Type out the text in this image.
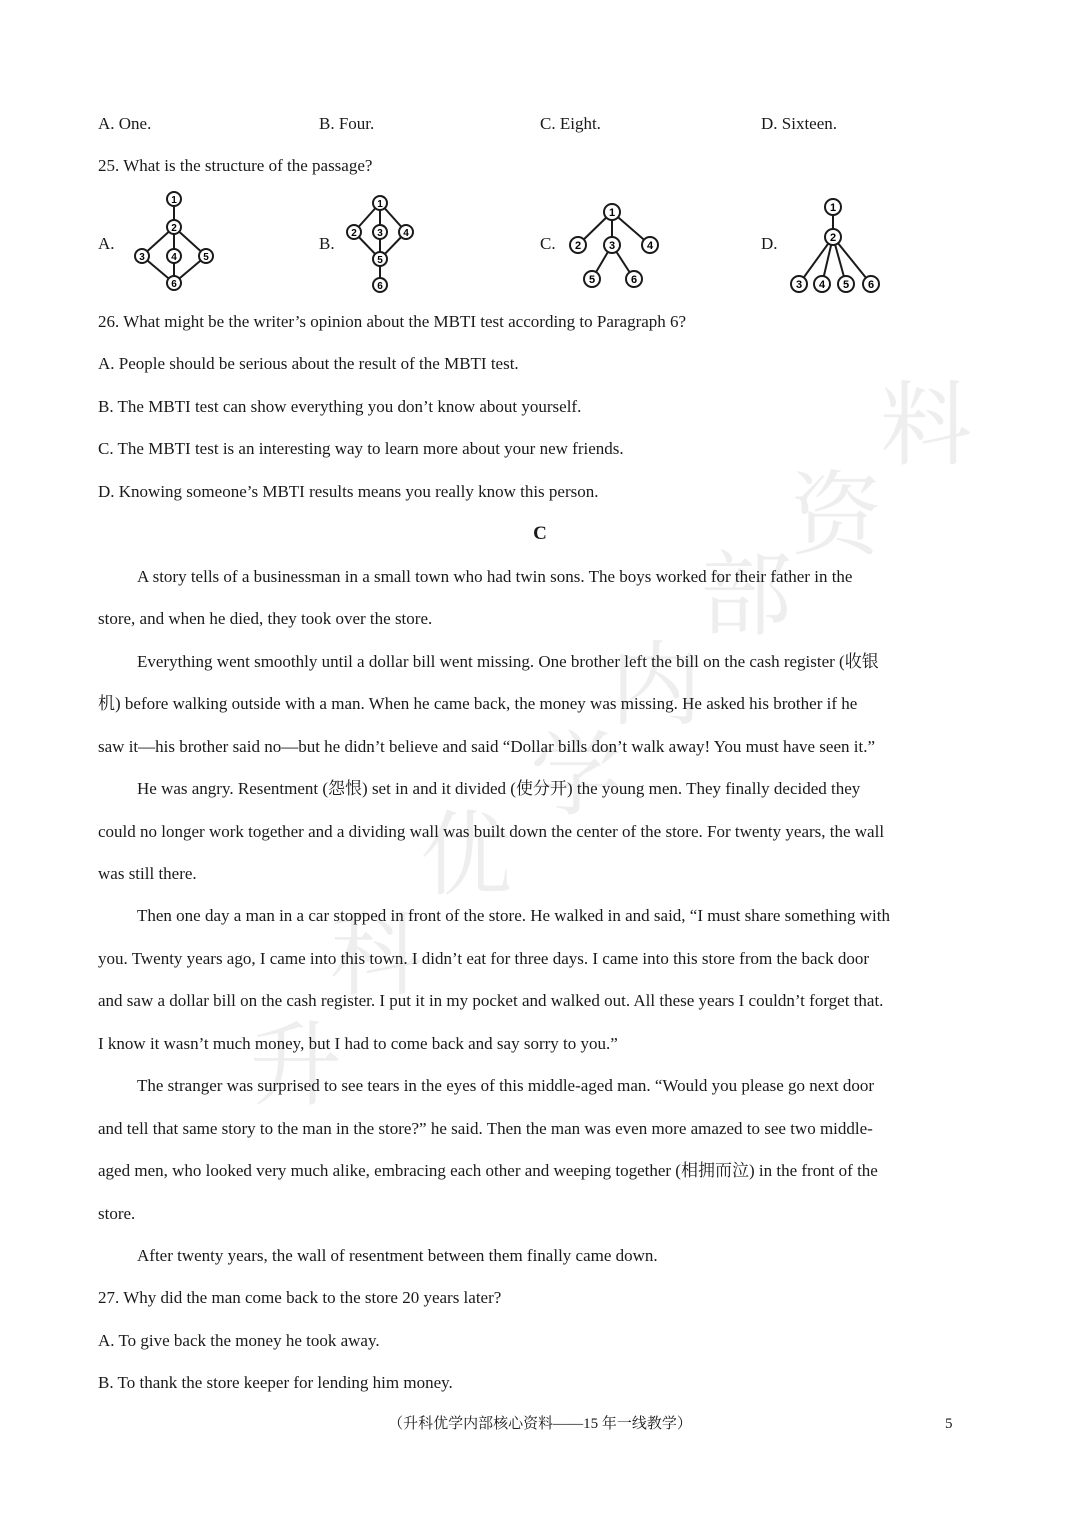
升
科
优
学
内
部
资
料
A. One.	B. Four.	C. Eight.	D. Sixteen.
25. What is the structure of the passage?
A.	B.	C.	D.
1
2
3	4	5
6
1
2 3 4
5
6
1
2	3	4
5	6
1
2
3 4 5 6
26. What might be the writer’s opinion about the MBTI test according to Paragraph 6?
A. People should be serious about the result of the MBTI test.
B. The MBTI test can show everything you don’t know about yourself.
C. The MBTI test is an interesting way to learn more about your new friends.
D. Knowing someone’s MBTI results means you really know this person.
C
A story tells of a businessman in a small town who had twin sons. The boys worked for their father in the
store, and when he died, they took over the store.
Everything went smoothly until a dollar bill went missing. One brother left the bill on the cash register (收银
机) before walking outside with a man. When he came back, the money was missing. He asked his brother if he
saw it—his brother said no—but he didn’t believe and said “Dollar bills don’t walk away! You must have seen it.”
He was angry. Resentment (怨恨) set in and it divided (使分开) the young men. They finally decided they
could no longer work together and a dividing wall was built down the center of the store. For twenty years, the wall
was still there.
Then one day a man in a car stopped in front of the store. He walked in and said, “I must share something with
you. Twenty years ago, I came into this town. I didn’t eat for three days. I came into this store from the back door
and saw a dollar bill on the cash register. I put it in my pocket and walked out. All these years I couldn’t forget that.
I know it wasn’t much money, but I had to come back and say sorry to you.”
The stranger was surprised to see tears in the eyes of this middle-aged man. “Would you please go next door
and tell that same story to the man in the store?” he said. Then the man was even more amazed to see two middle-
aged men, who looked very much alike, embracing each other and weeping together (相拥而泣) in the front of the
store.
After twenty years, the wall of resentment between them finally came down.
27. Why did the man come back to the store 20 years later?
A. To give back the money he took away.
B. To thank the store keeper for lending him money.
（升科优学内部核心资料——15 年一线教学）	5
